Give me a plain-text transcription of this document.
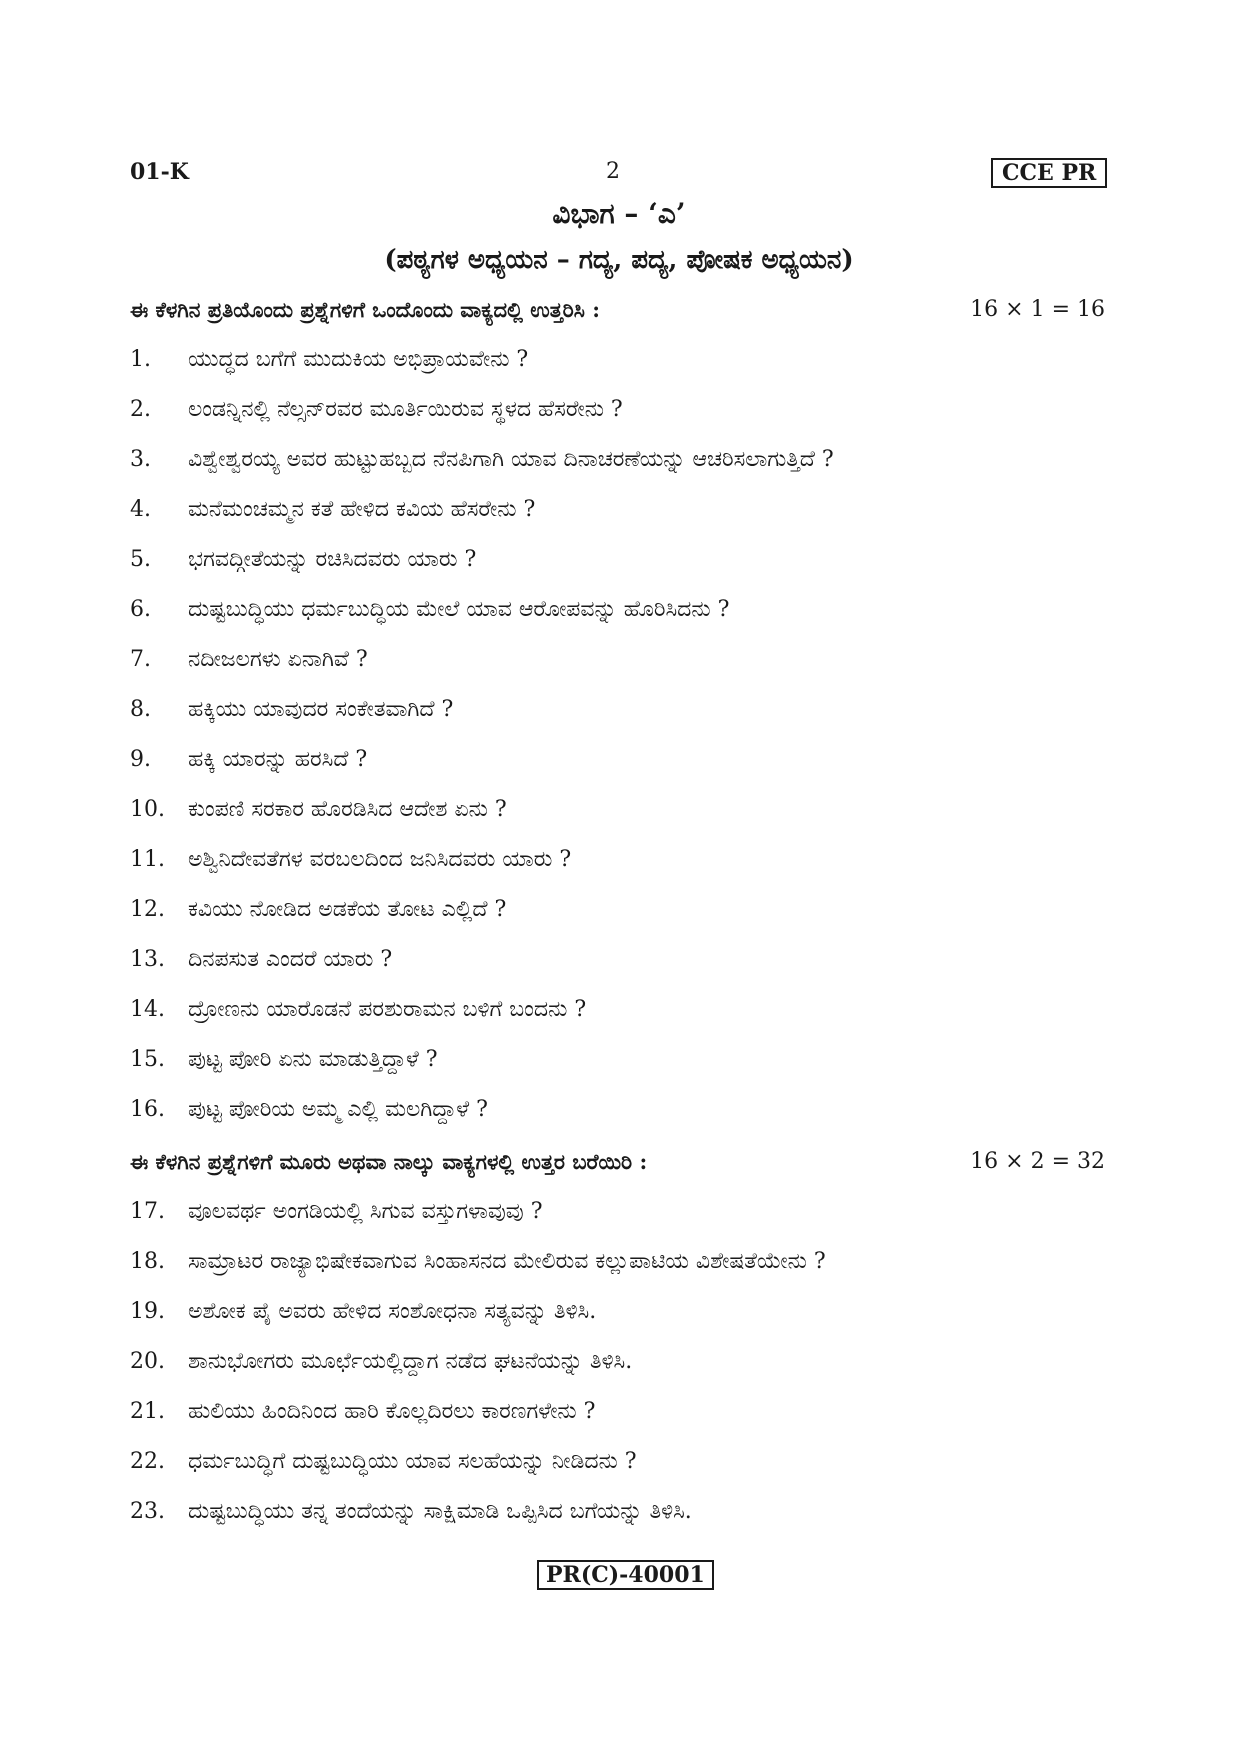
01-K	2	CCE PR
ವಿಭಾಗ – ‘ಎ’
(ಪಠ್ಯಗಳ ಅಧ್ಯಯನ – ಗದ್ಯ, ಪದ್ಯ, ಪೋಷಕ ಅಧ್ಯಯನ)
ಈ ಕೆಳಗಿನ ಪ್ರತಿಯೊಂದು ಪ್ರಶ್ನೆಗಳಿಗೆ ಒಂದೊಂದು ವಾಕ್ಯದಲ್ಲಿ ಉತ್ತರಿಸಿ :	16 × 1 = 16
1.	ಯುದ್ಧದ ಬಗೆಗೆ ಮುದುಕಿಯ ಅಭಿಪ್ರಾಯವೇನು ?
2.	ಲಂಡನ್ನಿನಲ್ಲಿ ನೆಲ್ಸನ್‌ರವರ ಮೂರ್ತಿಯಿರುವ ಸ್ಥಳದ ಹೆಸರೇನು ?
3.	ವಿಶ್ವೇಶ್ವರಯ್ಯ ಅವರ ಹುಟ್ಟುಹಬ್ಬದ ನೆನಪಿಗಾಗಿ ಯಾವ ದಿನಾಚರಣೆಯನ್ನು ಆಚರಿಸಲಾಗುತ್ತಿದೆ ?
4.	ಮನೆಮಂಚಮ್ಮನ ಕತೆ ಹೇಳಿದ ಕವಿಯ ಹೆಸರೇನು ?
5.	ಭಗವದ್ಗೀತೆಯನ್ನು ರಚಿಸಿದವರು ಯಾರು ?
6.	ದುಷ್ಟಬುದ್ಧಿಯು ಧರ್ಮಬುದ್ಧಿಯ ಮೇಲೆ ಯಾವ ಆರೋಪವನ್ನು ಹೊರಿಸಿದನು ?
7.	ನದೀಜಲಗಳು ಏನಾಗಿವೆ ?
8.	ಹಕ್ಕಿಯು ಯಾವುದರ ಸಂಕೇತವಾಗಿದೆ ?
9.	ಹಕ್ಕಿ ಯಾರನ್ನು ಹರಸಿದೆ ?
10.	ಕುಂಪಣಿ ಸರಕಾರ ಹೊರಡಿಸಿದ ಆದೇಶ ಏನು ?
11.	ಅಶ್ವಿನಿದೇವತೆಗಳ ವರಬಲದಿಂದ ಜನಿಸಿದವರು ಯಾರು ?
12.	ಕವಿಯು ನೋಡಿದ ಅಡಕೆಯ ತೋಟ ಎಲ್ಲಿದೆ ?
13.	ದಿನಪಸುತ ಎಂದರೆ ಯಾರು ?
14.	ದ್ರೋಣನು ಯಾರೊಡನೆ ಪರಶುರಾಮನ ಬಳಿಗೆ ಬಂದನು ?
15.	ಪುಟ್ಟ ಪೋರಿ ಏನು ಮಾಡುತ್ತಿದ್ದಾಳೆ ?
16.	ಪುಟ್ಟ ಪೋರಿಯ ಅಮ್ಮ ಎಲ್ಲಿ ಮಲಗಿದ್ದಾಳೆ ?
ಈ ಕೆಳಗಿನ ಪ್ರಶ್ನೆಗಳಿಗೆ ಮೂರು ಅಥವಾ ನಾಲ್ಕು ವಾಕ್ಯಗಳಲ್ಲಿ ಉತ್ತರ ಬರೆಯಿರಿ :	16 × 2 = 32
17.	ವೂಲವರ್ಥ ಅಂಗಡಿಯಲ್ಲಿ ಸಿಗುವ ವಸ್ತುಗಳಾವುವು ?
18.	ಸಾಮ್ರಾಟರ ರಾಜ್ಯಾಭಿಷೇಕವಾಗುವ ಸಿಂಹಾಸನದ ಮೇಲಿರುವ ಕಲ್ಲುಪಾಟಿಯ ವಿಶೇಷತೆಯೇನು ?
19.	ಅಶೋಕ ಪೈ ಅವರು ಹೇಳಿದ ಸಂಶೋಧನಾ ಸತ್ಯವನ್ನು ತಿಳಿಸಿ.
20.	ಶಾನುಭೋಗರು ಮೂರ್ಛೆಯಲ್ಲಿದ್ದಾಗ ನಡೆದ ಘಟನೆಯನ್ನು ತಿಳಿಸಿ.
21.	ಹುಲಿಯು ಹಿಂದಿನಿಂದ ಹಾರಿ ಕೊಲ್ಲದಿರಲು ಕಾರಣಗಳೇನು ?
22.	ಧರ್ಮಬುದ್ಧಿಗೆ ದುಷ್ಟಬುದ್ಧಿಯು ಯಾವ ಸಲಹೆಯನ್ನು ನೀಡಿದನು ?
23.	ದುಷ್ಟಬುದ್ಧಿಯು ತನ್ನ ತಂದೆಯನ್ನು ಸಾಕ್ಷಿಮಾಡಿ ಒಪ್ಪಿಸಿದ ಬಗೆಯನ್ನು ತಿಳಿಸಿ.
PR(C)-40001
